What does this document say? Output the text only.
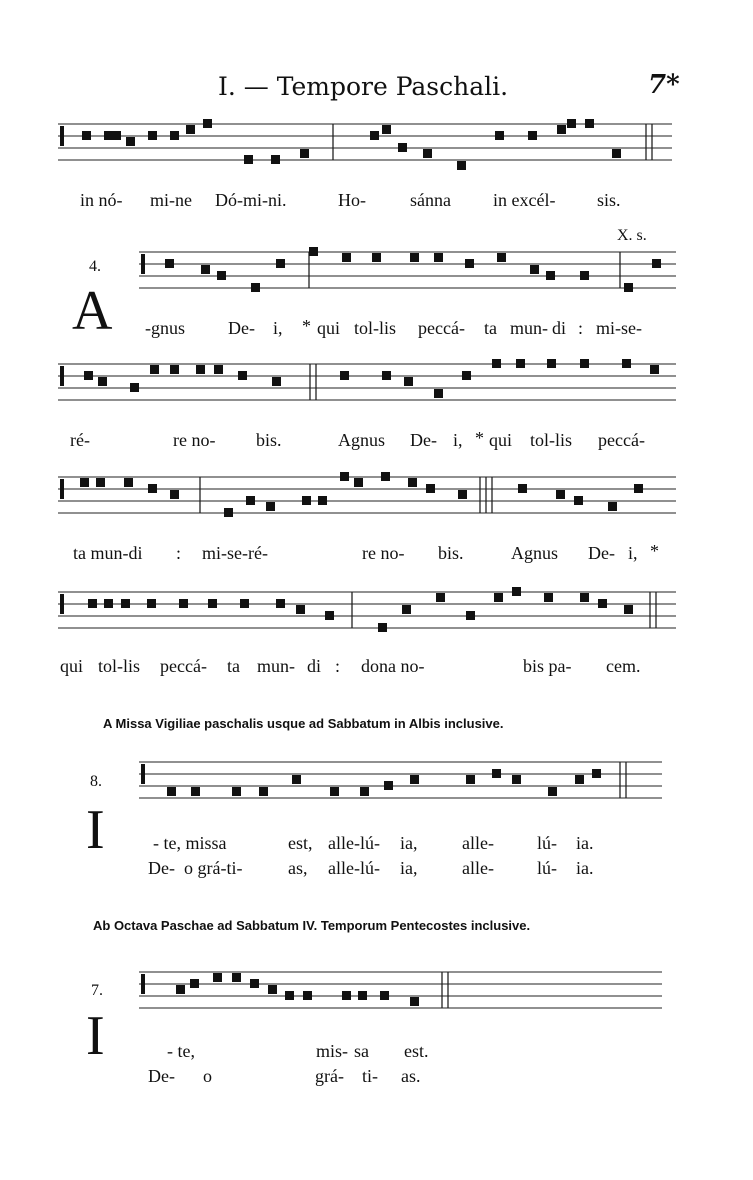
I. — Tempore Paschali.	7*
in nó- mi-ne Dó-mi-ni.	Ho- sánna in excél- sis.
X. s.
4.
A -gnus De- i, * qui tol-lis peccá- ta mun- di : mi-se-
ré-	re no- bis.	Agnus De- i, * qui tol-lis peccá-
ta mun-di : mi-se-ré-	re no- bis.	Agnus De- i, *
qui tol-lis peccá- ta mun- di : dona no-	bis pa- cem.
A Missa Vigiliae paschalis usque ad Sabbatum in Albis inclusive.
8.
I	- te, missa	est, alle-lú- ia, alle- lú- ia.
De- o grá-ti-	as, alle-lú- ia, alle- lú- ia.
Ab Octava Paschae ad Sabbatum IV. Temporum Pentecostes inclusive.
7.
I	- te,	mis- sa est.
De- o	grá- ti- as.
